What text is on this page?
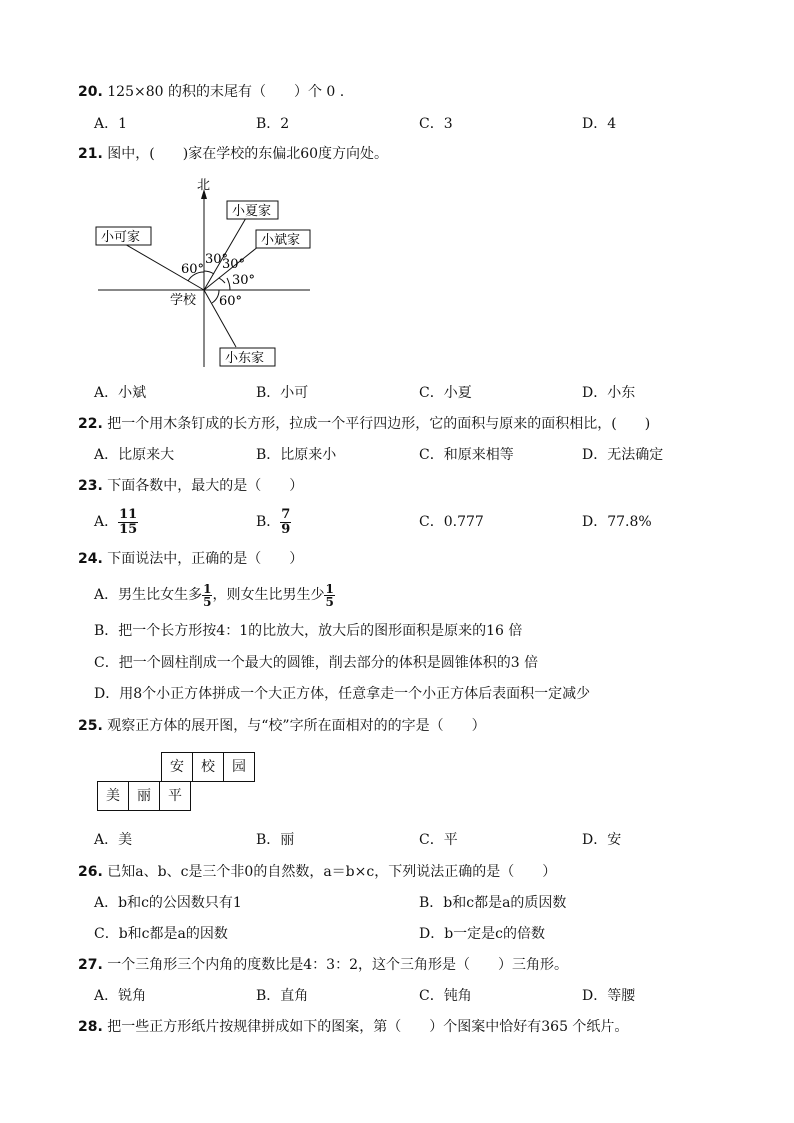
20. 125×80 的积的末尾有（　　）个 0 .
A．1	B．2	C．3	D．4
21. 图中，(　　)家在学校的东偏北60度方向处。
北
30°
30°
30°
60°
60°
学校
小夏家
小斌家
小可家
小东家
A．小斌	B．小可	C．小夏	D．小东
22. 把一个用木条钉成的长方形，拉成一个平行四边形，它的面积与原来的面积相比，(　　)
A．比原来大	B．比原来小	C．和原来相等	D．无法确定
23. 下面各数中，最大的是（　　）
A． $\frac{11}{15}$	B． $\frac{7}{9}$	C．0.777	D．77.8%
24. 下面说法中，正确的是（　　）
A．男生比女生多 $\frac{1}{5}$ ，则女生比男生少 $\frac{1}{5}$
B．把一个长方形按4：1的比放大，放大后的图形面积是原来的16 倍
C．把一个圆柱削成一个最大的圆锥，削去部分的体积是圆锥体积的3 倍
D．用8个小正方体拼成一个大正方体，任意拿走一个小正方体后表面积一定减少
25. 观察正方体的展开图，与“校”字所在面相对的的字是（　　）
安	校	园
美	丽	平
A．美	B．丽	C．平	D．安
26. 已知a、b、c是三个非0的自然数，a＝b×c，下列说法正确的是（　　）
A．b和c的公因数只有1	B．b和c都是a的质因数
C．b和c都是a的因数	D．b一定是c的倍数
27. 一个三角形三个内角的度数比是4：3：2，这个三角形是（　　）三角形。
A．锐角	B．直角	C．钝角	D．等腰
28. 把一些正方形纸片按规律拼成如下的图案，第（　　）个图案中恰好有365 个纸片。
